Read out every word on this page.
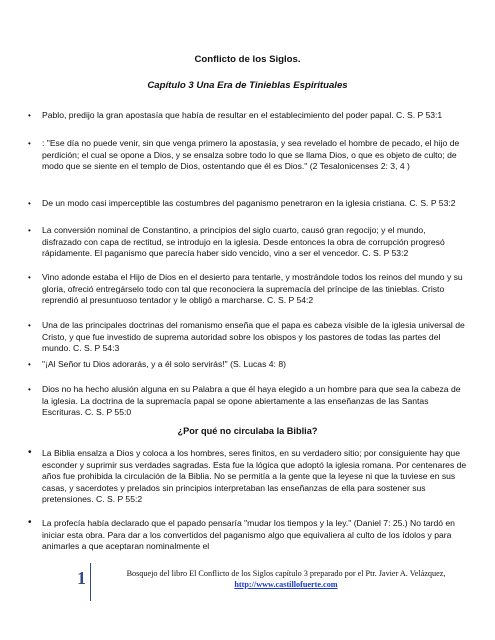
Conflicto de los Siglos.
Capítulo 3 Una Era de Tinieblas Espirituales
• Pablo, predijo la gran apostasía que había de resultar en el establecimiento del poder papal. C. S. P 53:1
• : "Ese día no puede venir, sin que venga primero la apostasía, y sea revelado el hombre de pecado, el hijo de perdición; el cual se opone a Dios, y se ensalza sobre todo lo que se llama Dios, o que es objeto de culto; de modo que se siente en el templo de Dios, ostentando que él es Dios." (2 Tesalonicenses 2: 3, 4 )
• De un modo casi imperceptible las costumbres del paganismo penetraron en la iglesia cristiana. C. S. P 53:2
• La conversión nominal de Constantino, a principios del siglo cuarto, causó gran regocijo; y el mundo, disfrazado con capa de rectitud, se introdujo en la iglesia. Desde entonces la obra de corrupción progresó rápidamente. El paganismo que parecía haber sido vencido, vino a ser el vencedor. C. S. P 53:2
• Vino adonde estaba el Hijo de Dios en el desierto para tentarle, y mostrándole todos los reinos del mundo y su gloria, ofreció entregárselo todo con tal que reconociera la supremacía del príncipe de las tinieblas. Cristo reprendió al presuntuoso tentador y le obligó a marcharse. C. S. P 54:2
• Una de las principales doctrinas del romanismo enseña que el papa es cabeza visible de la iglesia universal de Cristo, y que fue investido de suprema autoridad sobre los obispos y los pastores de todas las partes del mundo. C. S. P 54:3
• "¡Al Señor tu Dios adorarás, y a él solo servirás!" (S. Lucas 4: 8)
• Dios no ha hecho alusión alguna en su Palabra a que él haya elegido a un hombre para que sea la cabeza de la iglesia. La doctrina de la supremacía papal se opone abiertamente a las enseñanzas de las Santas Escrituras. C. S. P 55:0
¿Por qué no circulaba la Biblia?
• La Biblia ensalza a Dios y coloca a los hombres, seres finitos, en su verdadero sitio; por consiguiente hay que esconder y suprimir sus verdades sagradas. Esta fue la lógica que adoptó la iglesia romana. Por centenares de años fue prohibida la circulación de la Biblia. No se permitía a la gente que la leyese ni que la tuviese en sus casas, y sacerdotes y prelados sin principios interpretaban las enseñanzas de ella para sostener sus pretensiones. C. S. P 55:2
• La profecía había declarado que el papado pensaría "mudar los tiempos y la ley." (Daniel 7: 25.) No tardó en iniciar esta obra. Para dar a los convertidos del paganismo algo que equivaliera al culto de los ídolos y para animarles a que aceptaran nominalmente el
1	Bosquejo del libro El Conflicto de los Siglos capítulo 3 preparado por el Ptr. Javier A. Velázquez,
http://www.castillofuerte.com
